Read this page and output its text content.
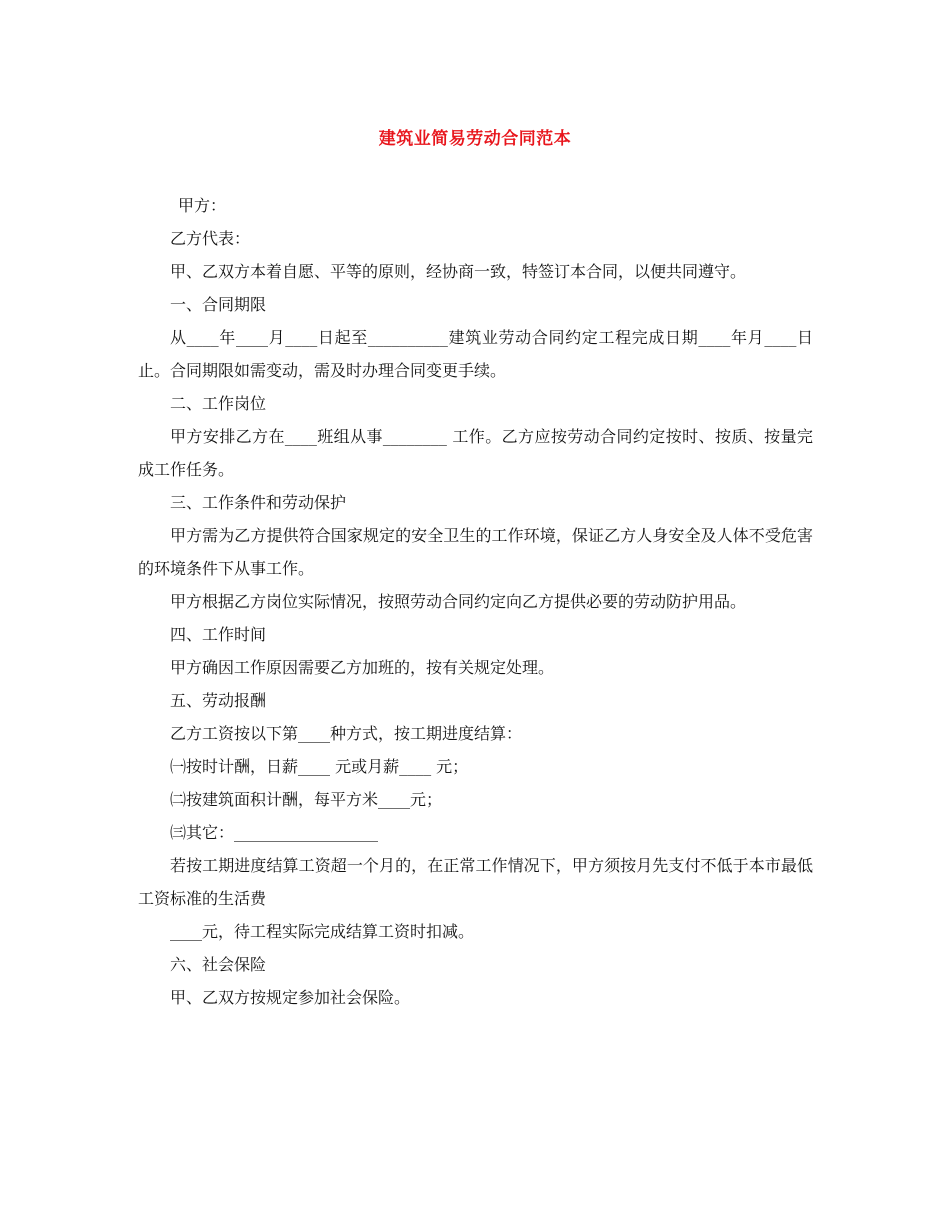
建筑业简易劳动合同范本

甲方：

乙方代表：

甲、乙双方本着自愿、平等的原则，经协商一致，特签订本合同，以便共同遵守。

一、合同期限

从____年____月____日起至__________建筑业劳动合同约定工程完成日期____年月____日止。合同期限如需变动，需及时办理合同变更手续。

二、工作岗位

甲方安排乙方在____班组从事________ 工作。乙方应按劳动合同约定按时、按质、按量完成工作任务。

三、工作条件和劳动保护

甲方需为乙方提供符合国家规定的安全卫生的工作环境，保证乙方人身安全及人体不受危害的环境条件下从事工作。

甲方根据乙方岗位实际情况，按照劳动合同约定向乙方提供必要的劳动防护用品。

四、工作时间

甲方确因工作原因需要乙方加班的，按有关规定处理。

五、劳动报酬

乙方工资按以下第____种方式，按工期进度结算：

㈠按时计酬，日薪____ 元或月薪____ 元；

㈡按建筑面积计酬，每平方米____元；

㈢其它：__________________

若按工期进度结算工资超一个月的，在正常工作情况下，甲方须按月先支付不低于本市最低工资标准的生活费

____元，待工程实际完成结算工资时扣减。

六、社会保险

甲、乙双方按规定参加社会保险。
